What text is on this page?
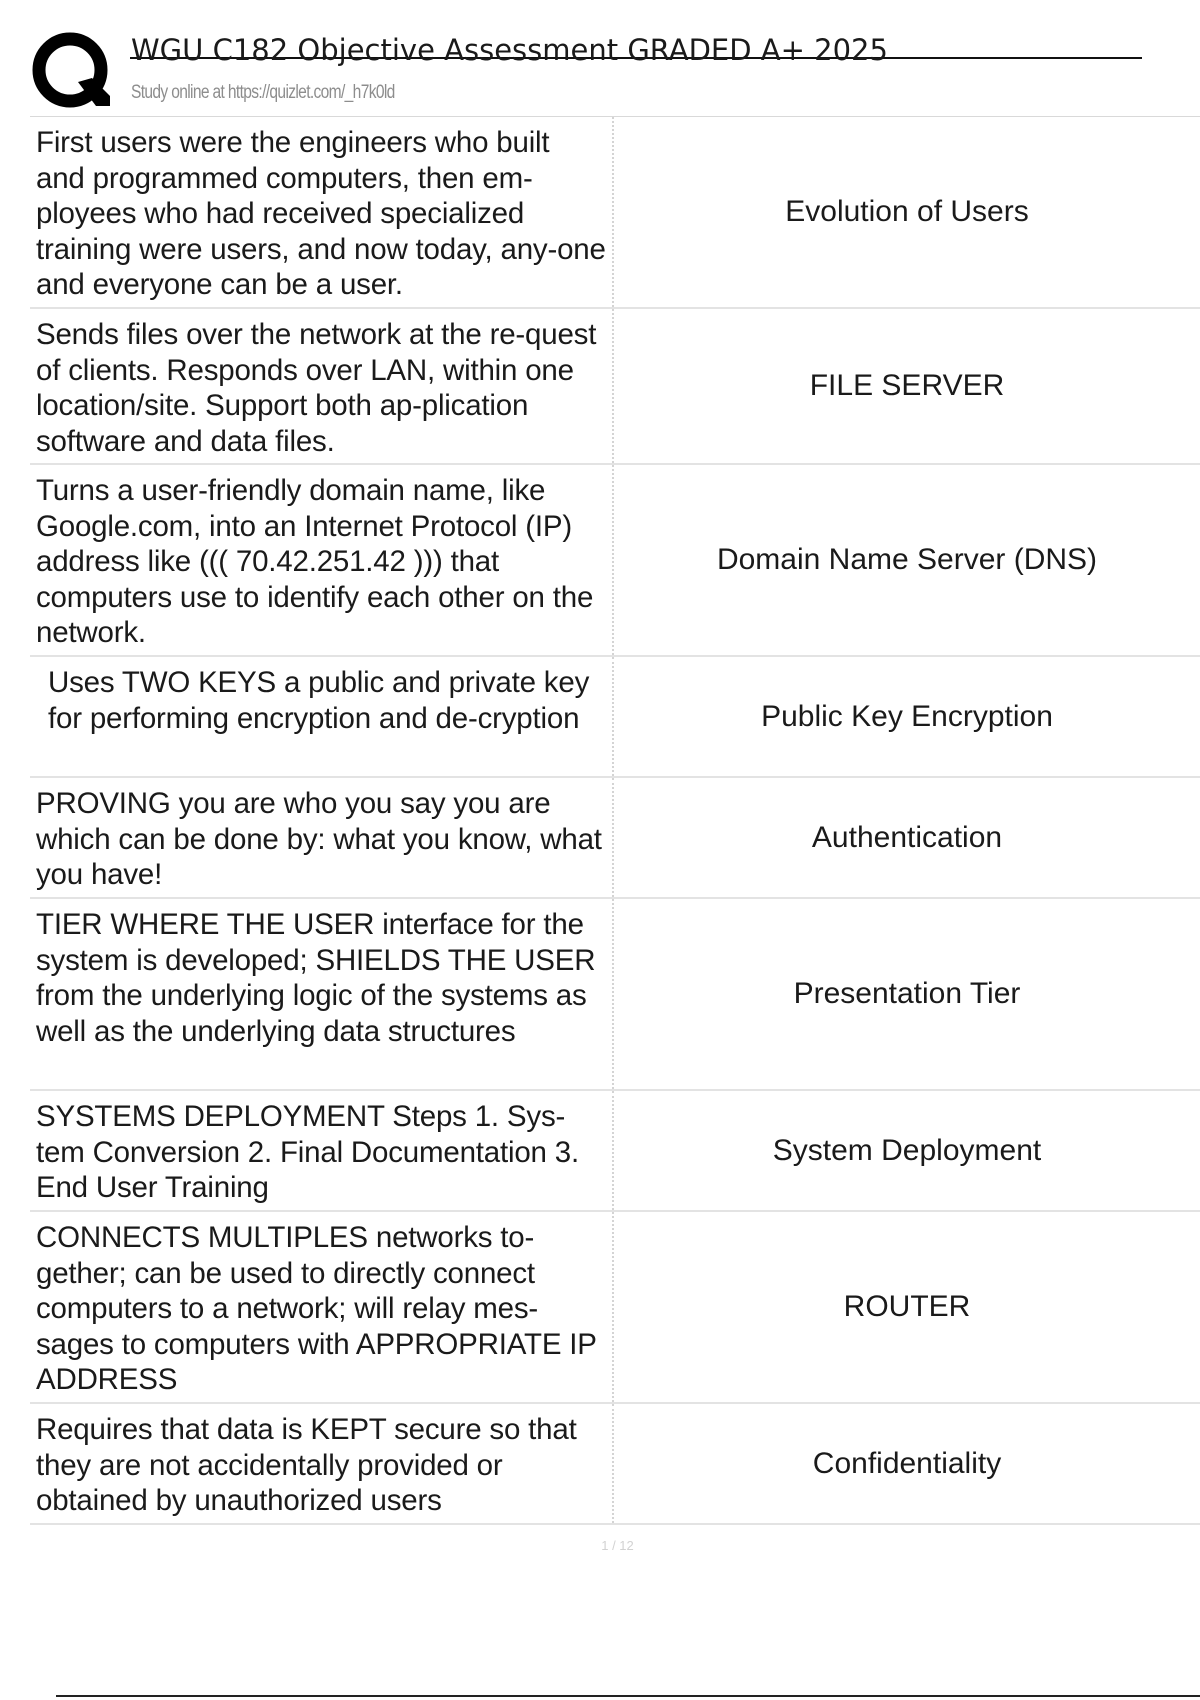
WGU C182 Objective Assessment GRADED A+ 2025
Study online at https://quizlet.com/_h7k0ld
First users were the engineers who built and programmed computers, then em-ployees who had received specialized training were users, and now today, any-one and everyone can be a user.
Evolution of Users
Sends files over the network at the re-quest of clients. Responds over LAN, within one location/site. Support both ap-plication software and data files.
FILE SERVER
Turns a user-friendly domain name, like Google.com, into an Internet Protocol (IP) address like ((( 70.42.251.42 ))) that computers use to identify each other on the network.
Domain Name Server (DNS)
Uses TWO KEYS a public and private key for performing encryption and de-cryption	Public Key Encryption
PROVING you are who you say you are which can be done by: what you know, what you have!
Authentication
TIER WHERE THE USER interface for the system is developed; SHIELDS THE USER from the underlying logic of the systems as well as the underlying data structures
Presentation Tier
SYSTEMS DEPLOYMENT Steps 1. Sys-tem Conversion 2. Final Documentation 3. End User Training
System Deployment
CONNECTS MULTIPLES networks to-gether; can be used to directly connect computers to a network; will relay mes-sages to computers with APPROPRIATE IP ADDRESS
ROUTER
Requires that data is KEPT secure so that they are not accidentally provided or obtained by unauthorized users
Confidentiality
1 / 12
